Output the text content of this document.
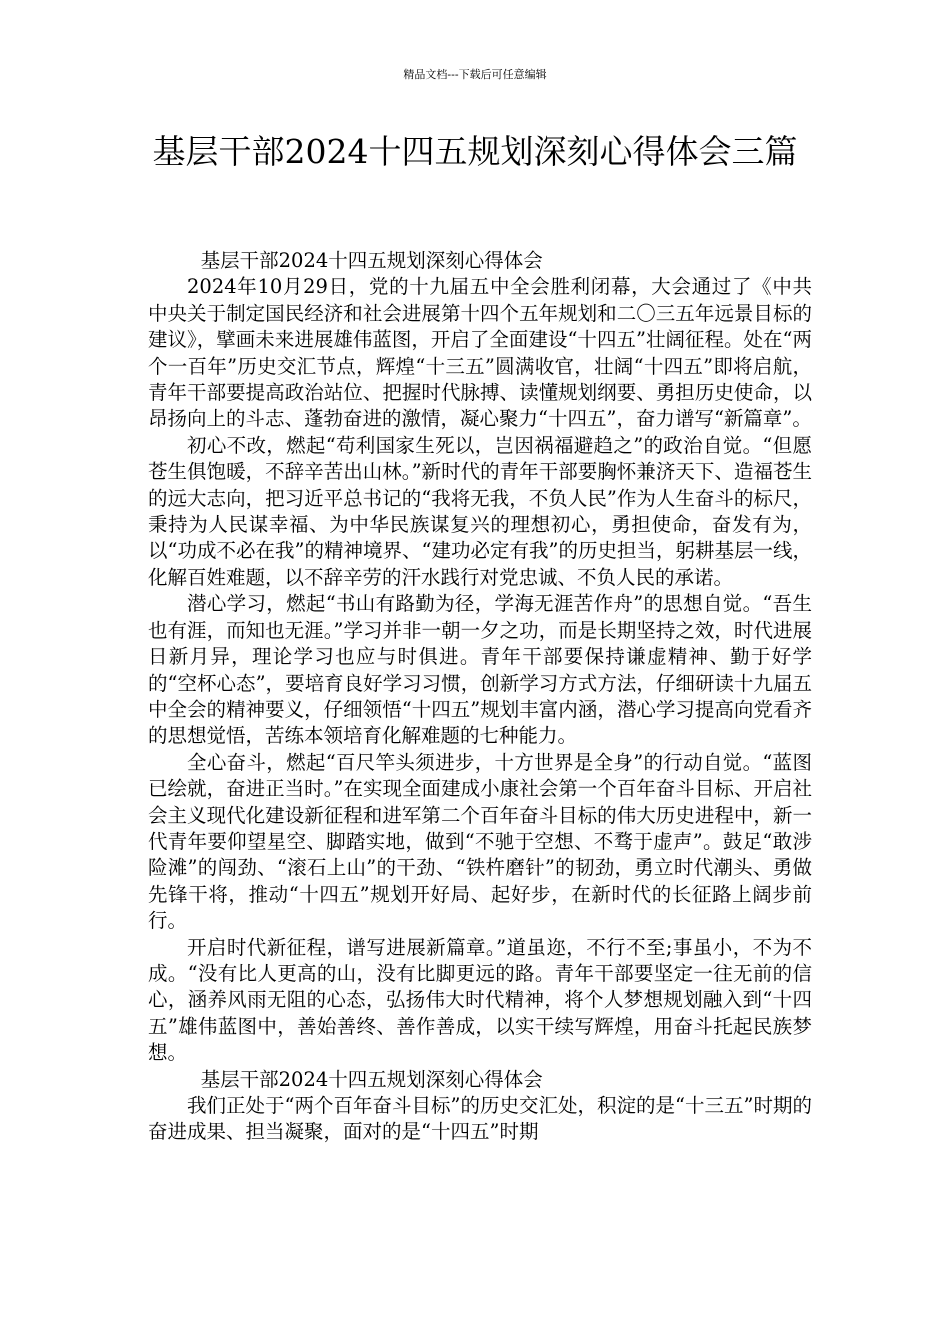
精品文档---下载后可任意编辑
基层干部2024十四五规划深刻心得体会三篇

基层干部2024十四五规划深刻心得体会

2024年10月29日，党的十九届五中全会胜利闭幕，大会通过了《中共中央关于制定国民经济和社会进展第十四个五年规划和二〇三五年远景目标的建议》，擘画未来进展雄伟蓝图，开启了全面建设“十四五”壮阔征程。处在“两个一百年”历史交汇节点，辉煌“十三五”圆满收官，壮阔“十四五”即将启航，青年干部要提高政治站位、把握时代脉搏、读懂规划纲要、勇担历史使命，以昂扬向上的斗志、蓬勃奋进的激情，凝心聚力“十四五”，奋力谱写“新篇章”。

初心不改，燃起“苟利国家生死以，岂因祸福避趋之”的政治自觉。“但愿苍生俱饱暖，不辞辛苦出山林。”新时代的青年干部要胸怀兼济天下、造福苍生的远大志向，把习近平总书记的“我将无我，不负人民”作为人生奋斗的标尺，秉持为人民谋幸福、为中华民族谋复兴的理想初心，勇担使命，奋发有为，以“功成不必在我”的精神境界、“建功必定有我”的历史担当，躬耕基层一线，化解百姓难题，以不辞辛劳的汗水践行对党忠诚、不负人民的承诺。

潜心学习，燃起“书山有路勤为径，学海无涯苦作舟”的思想自觉。“吾生也有涯，而知也无涯。”学习并非一朝一夕之功，而是长期坚持之效，时代进展日新月异，理论学习也应与时俱进。青年干部要保持谦虚精神、勤于好学的“空杯心态”，要培育良好学习习惯，创新学习方式方法，仔细研读十九届五中全会的精神要义，仔细领悟“十四五”规划丰富内涵，潜心学习提高向党看齐的思想觉悟，苦练本领培育化解难题的七种能力。

全心奋斗，燃起“百尺竿头须进步，十方世界是全身”的行动自觉。“蓝图已绘就，奋进正当时。”在实现全面建成小康社会第一个百年奋斗目标、开启社会主义现代化建设新征程和进军第二个百年奋斗目标的伟大历史进程中，新一代青年要仰望星空、脚踏实地，做到“不驰于空想、不骛于虚声”。鼓足“敢涉险滩”的闯劲、“滚石上山”的干劲、“铁杵磨针”的韧劲，勇立时代潮头、勇做先锋干将，推动“十四五”规划开好局、起好步，在新时代的长征路上阔步前行。

开启时代新征程，谱写进展新篇章。”道虽迩，不行不至;事虽小，不为不成。“没有比人更高的山，没有比脚更远的路。青年干部要坚定一往无前的信心，涵养风雨无阻的心态，弘扬伟大时代精神，将个人梦想规划融入到“十四五”雄伟蓝图中，善始善终、善作善成，以实干续写辉煌，用奋斗托起民族梦想。

基层干部2024十四五规划深刻心得体会

我们正处于“两个百年奋斗目标”的历史交汇处，积淀的是“十三五”时期的奋进成果、担当凝聚，面对的是“十四五”时期
